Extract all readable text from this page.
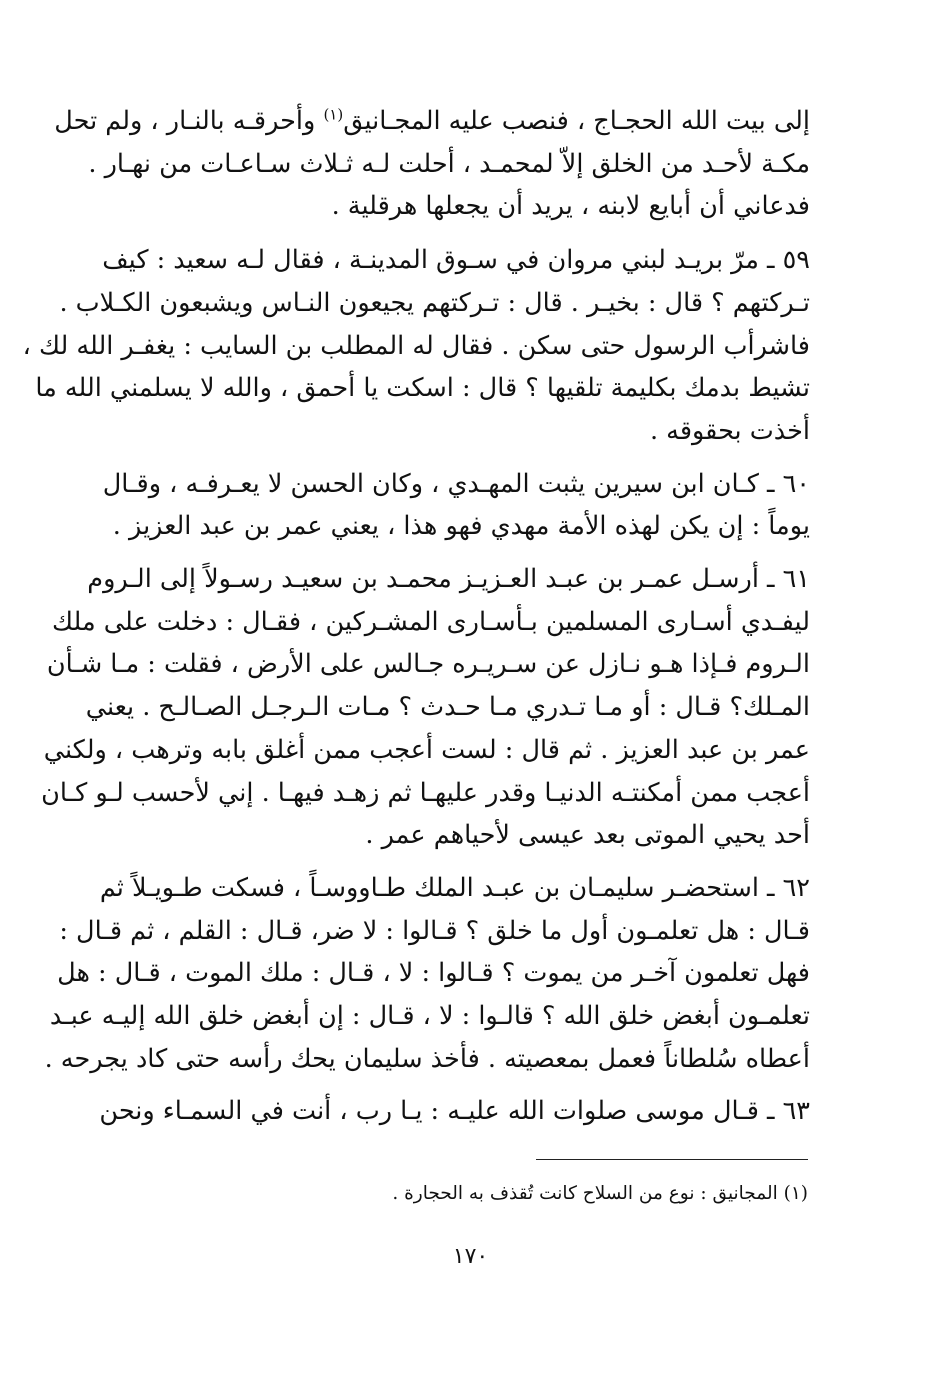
إلى بيت الله الحجـاج ، فنصب عليه المجـانيق$^{(١)}$ وأحرقـه بالنـار ، ولم تحل
مكـة لأحـد من الخلق إلاّ لمحمـد ، أحلت لـه ثـلاث سـاعـات من نهـار .
فدعاني أن أبايع لابنه ، يريد أن يجعلها هرقلية .

٥٩ ـ مرّ بريـد لبني مروان في سـوق المدينـة ، فقال لـه سعيد : كيف
تـركتهم ؟ قال : بخيـر . قال : تـركتهم يجيعون النـاس ويشبعون الكـلاب .
فاشرأب الرسول حتى سكن . فقال له المطلب بن السايب : يغفـر الله لك ،
تشيط بدمك بكليمة تلقيها ؟ قال : اسكت يا أحمق ، والله لا يسلمني الله ما
أخذت بحقوقه .

٦٠ ـ كـان ابن سيرين يثبت المهـدي ، وكان الحسن لا يعـرفـه ، وقـال
يوماً : إن يكن لهذه الأمة مهدي فهو هذا ، يعني عمر بن عبد العزيز .

٦١ ـ أرسـل عمـر بن عبـد العـزيـز محمـد بن سعيـد رسـولاً إلى الـروم
ليفـدي أسـارى المسلمين بـأسـارى المشـركين ، فقـال : دخلت على ملك
الـروم فـإذا هـو نـازل عن سـريـره جـالس على الأرض ، فقلت : مـا شـأن
المـلك؟ قـال : أو مـا تـدري مـا حـدث ؟ مـات الـرجـل الصـالـح . يعني
عمر بن عبد العزيز . ثم قال : لست أعجب ممن أغلق بابه وترهب ، ولكني
أعجب ممن أمكنتـه الدنيـا وقدر عليهـا ثم زهـد فيهـا . إني لأحسب لـو كـان
أحد يحيي الموتى بعد عيسى لأحياهم عمر .

٦٢ ـ استحضـر سليمـان بن عبـد الملك طـاووسـاً ، فسكت طـويـلاً ثم
قـال : هل تعلمـون أول ما خلق ؟ قـالوا : لا ضر، قـال : القلم ، ثم قـال :
فهل تعلمون آخـر من يموت ؟ قـالوا : لا ، قـال : ملك الموت ، قـال : هل
تعلمـون أبغض خلق الله ؟ قالـوا : لا ، قـال : إن أبغض خلق الله إليـه عبـد
أعطاه سُلطاناً فعمل بمعصيته . فأخذ سليمان يحك رأسه حتى كاد يجرحه .

٦٣ ـ قـال موسى صلوات الله عليـه : يـا رب ، أنت في السمـاء ونحن

(١) المجانيق : نوع من السلاح كانت تُقذف به الحجارة .
١٧٠
